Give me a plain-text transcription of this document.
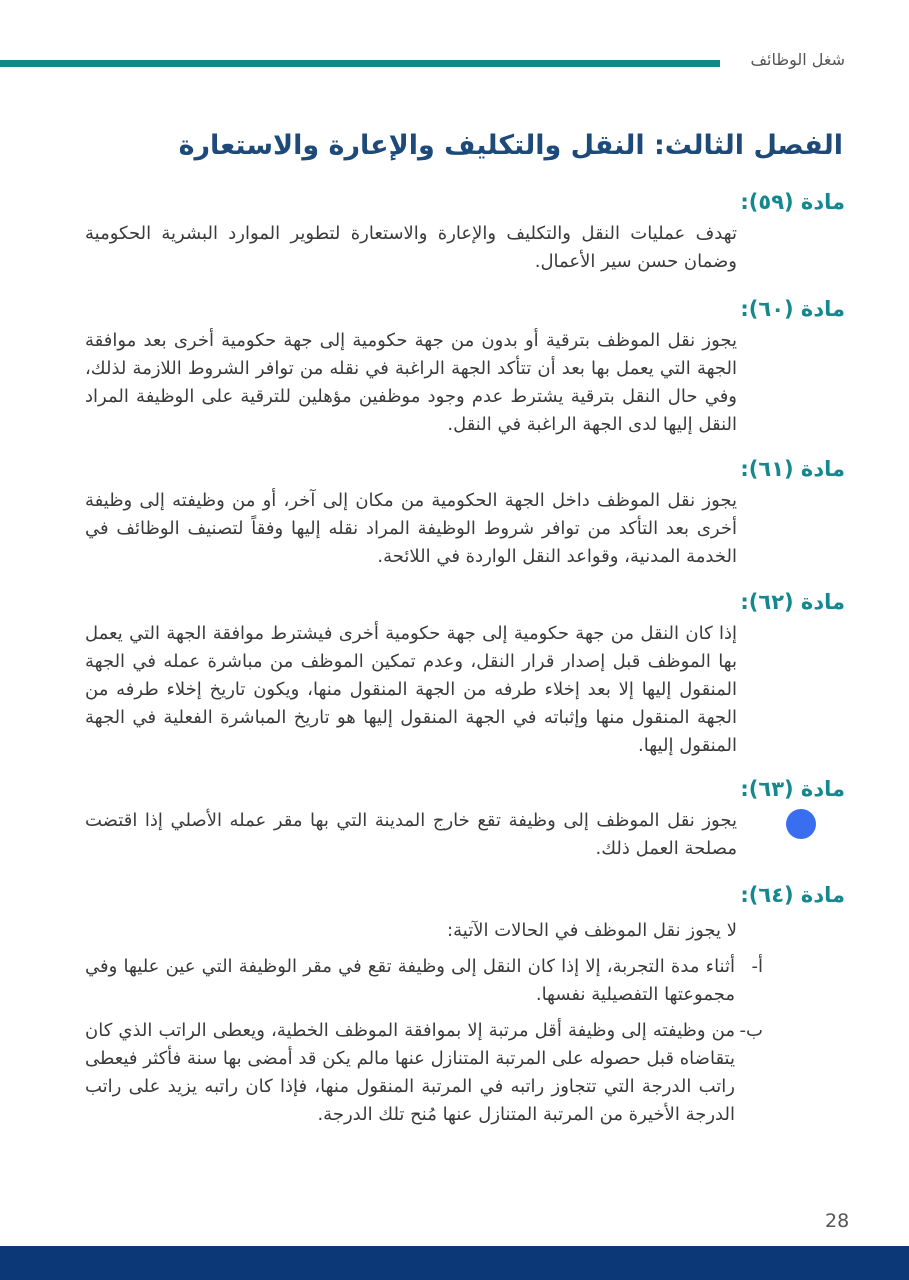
شغل الوظائف
الفصل الثالث: النقل والتكليف والإعارة والاستعارة
مادة (٥٩):

تهدف عمليات النقل والتكليف والإعارة والاستعارة لتطوير الموارد البشرية الحكومية وضمان حسن سير الأعمال.

مادة (٦٠):

يجوز نقل الموظف بترقية أو بدون من جهة حكومية إلى جهة حكومية أخرى بعد موافقة الجهة التي يعمل بها بعد أن تتأكد الجهة الراغبة في نقله من توافر الشروط اللازمة لذلك، وفي حال النقل بترقية يشترط عدم وجود موظفين مؤهلين للترقية على الوظيفة المراد النقل إليها لدى الجهة الراغبة في النقل.

مادة (٦١):

يجوز نقل الموظف داخل الجهة الحكومية من مكان إلى آخر، أو من وظيفته إلى وظيفة أخرى بعد التأكد من توافر شروط الوظيفة المراد نقله إليها وفقاً لتصنيف الوظائف في الخدمة المدنية، وقواعد النقل الواردة في اللائحة.

مادة (٦٢):

إذا كان النقل من جهة حكومية إلى جهة حكومية أخرى فيشترط موافقة الجهة التي يعمل بها الموظف قبل إصدار قرار النقل، وعدم تمكين الموظف من مباشرة عمله في الجهة المنقول إليها إلا بعد إخلاء طرفه من الجهة المنقول منها، ويكون تاريخ إخلاء طرفه من الجهة المنقول منها وإثباته في الجهة المنقول إليها هو تاريخ المباشرة الفعلية في الجهة المنقول إليها.

مادة (٦٣):

يجوز نقل الموظف إلى وظيفة تقع خارج المدينة التي بها مقر عمله الأصلي إذا اقتضت مصلحة العمل ذلك.

مادة (٦٤):

لا يجوز نقل الموظف في الحالات الآتية:

أ-
أثناء مدة التجربة، إلا إذا كان النقل إلى وظيفة تقع في مقر الوظيفة التي عين عليها وفي مجموعتها التفصيلية نفسها.
ب-
من وظيفته إلى وظيفة أقل مرتبة إلا بموافقة الموظف الخطية، ويعطى الراتب الذي كان يتقاضاه قبل حصوله على المرتبة المتنازل عنها مالم يكن قد أمضى بها سنة فأكثر فيعطى راتب الدرجة التي تتجاوز راتبه في المرتبة المنقول منها، فإذا كان راتبه يزيد على راتب الدرجة الأخيرة من المرتبة المتنازل عنها مُنح تلك الدرجة.
28
